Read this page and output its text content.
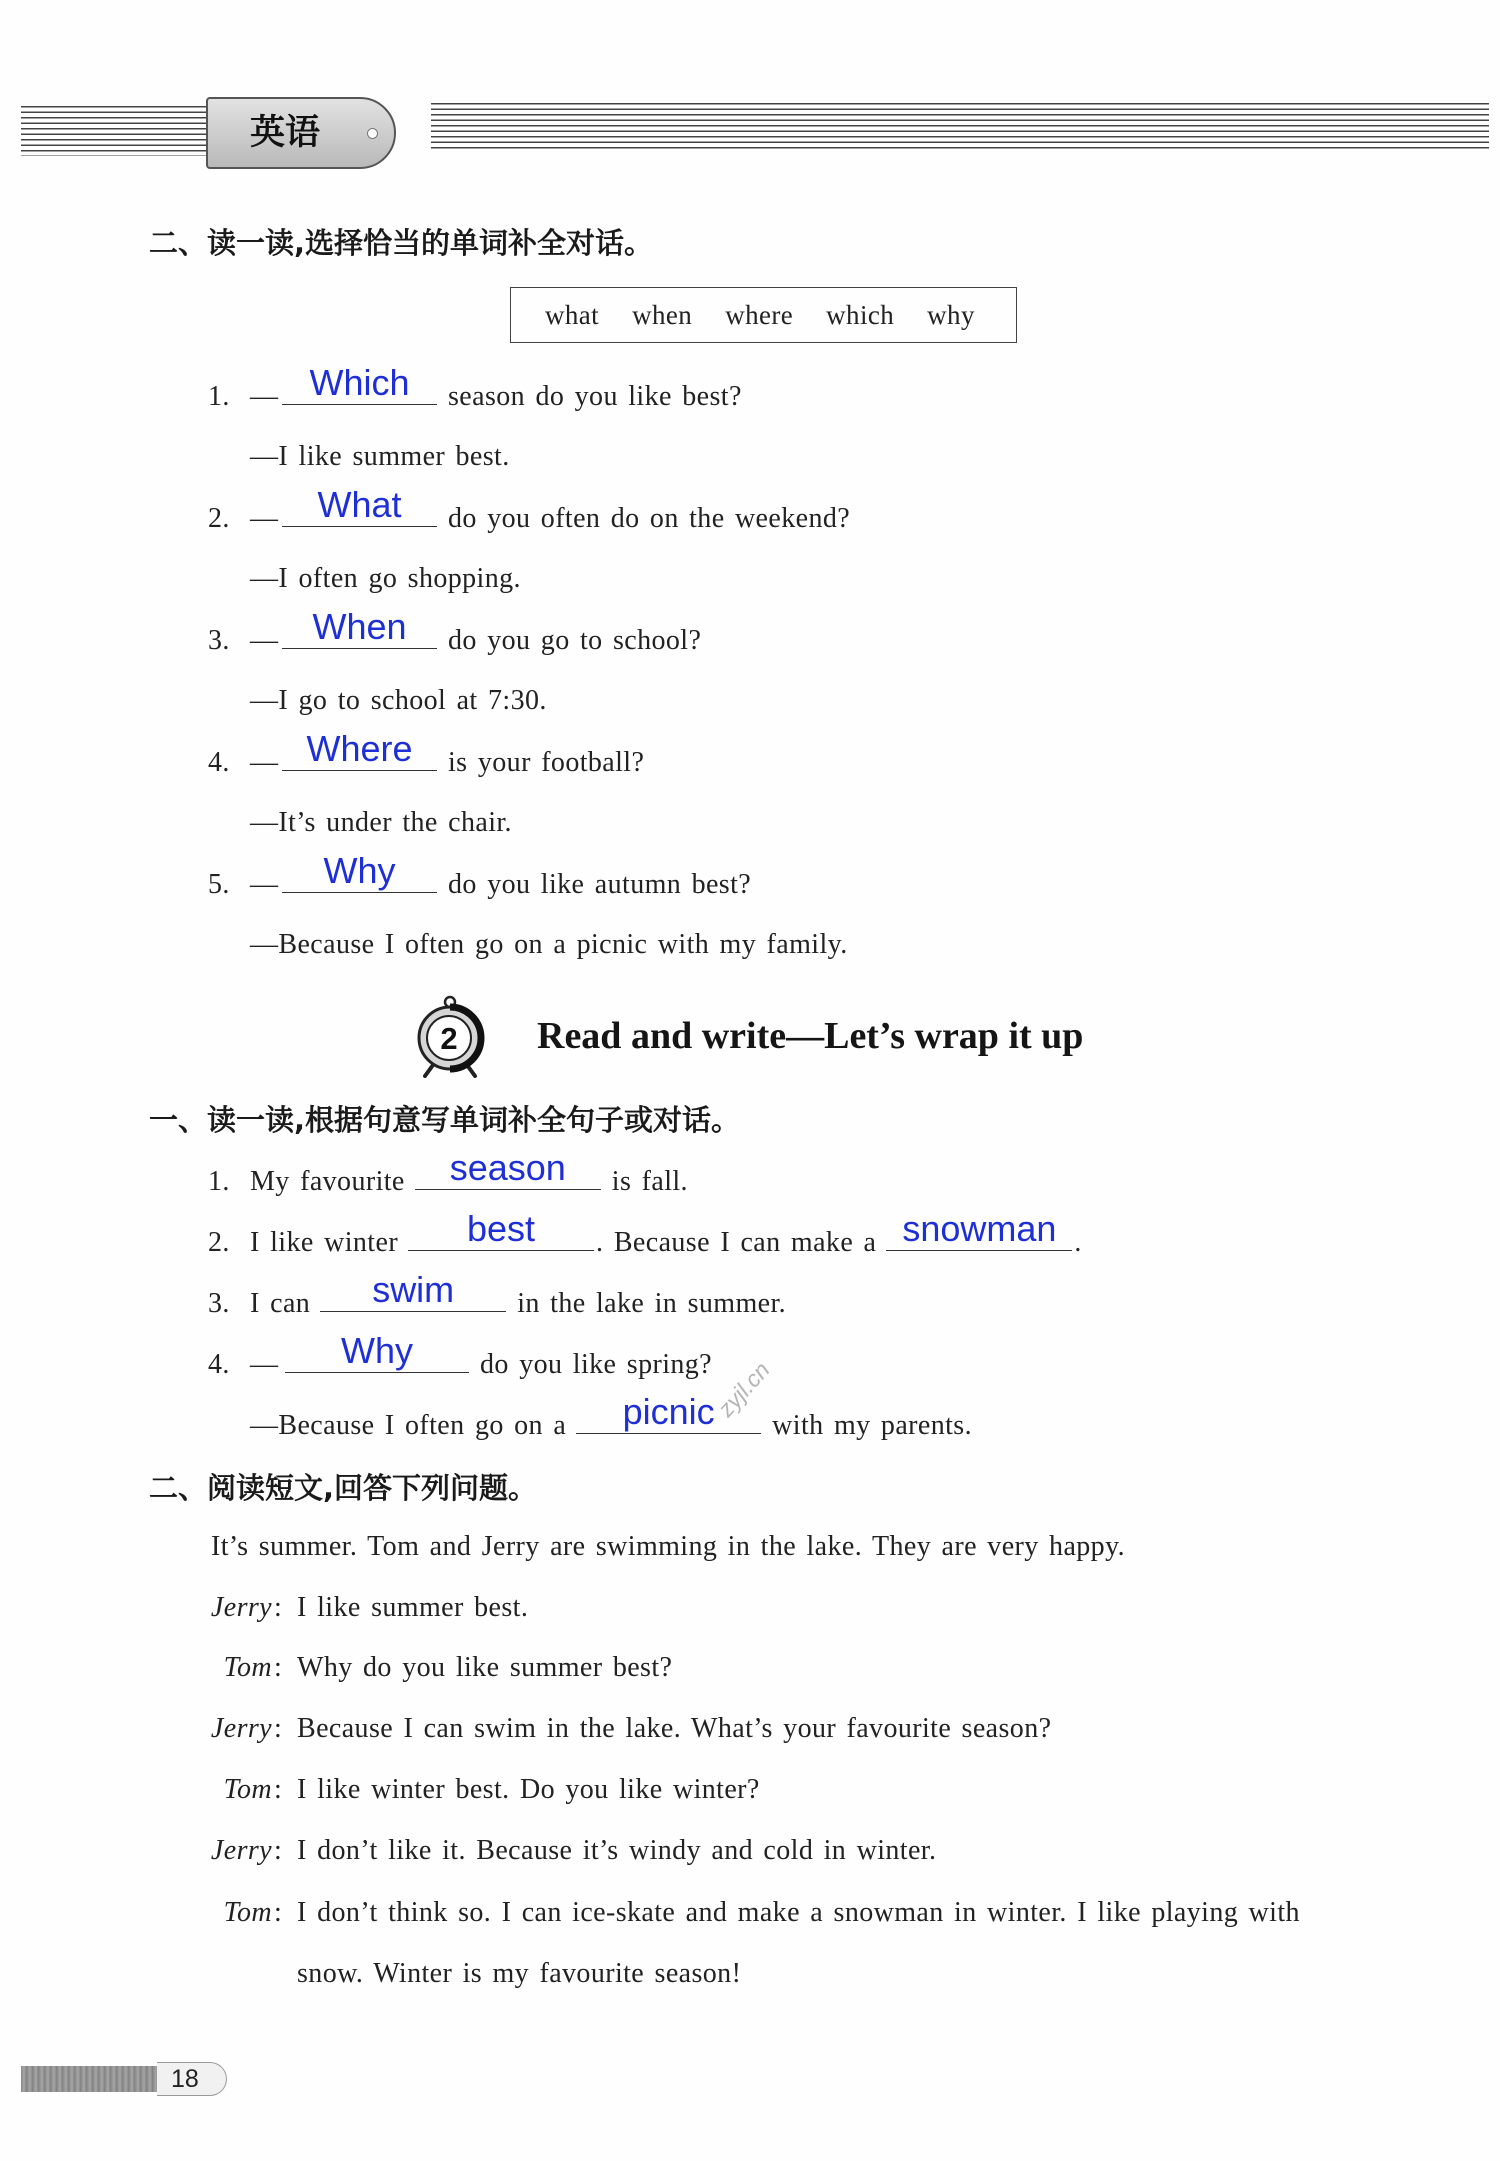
英语
二、读一读,选择恰当的单词补全对话。
what when where which why
1. — Which	season do you like best?
—I like summer best.
2. —	What	do you often do on the weekend?
—I often go shopping.
3. — When	do you go to school?
—I go to school at 7:30.
4. — Where	is your football?
—It’s under the chair.
5. —	Why	do you like autumn best?
—Because I often go on a picnic with my family.
2 Read and write—Let’s wrap it up
一、读一读,根据句意写单词补全句子或对话。
1. My favourite	season	is fall.
2. I like winter	best	. Because I can make a snowman .
3. I can	swim	in the lake in summer.
4. —	Why	do you like spring?
—Because I often go on a	picnic	with my parents.
zyjl.cn
二、阅读短文,回答下列问题。
It’s summer. Tom and Jerry are swimming in the lake. They are very happy.
Jerry : I like summer best.
Tom : Why do you like summer best?
Jerry : Because I can swim in the lake. What’s your favourite season?
Tom : I like winter best. Do you like winter?
Jerry : I don’t like it. Because it’s windy and cold in winter.
Tom : I don’t think so. I can ice-skate and make a snowman in winter. I like playing with
snow. Winter is my favourite season!
18
